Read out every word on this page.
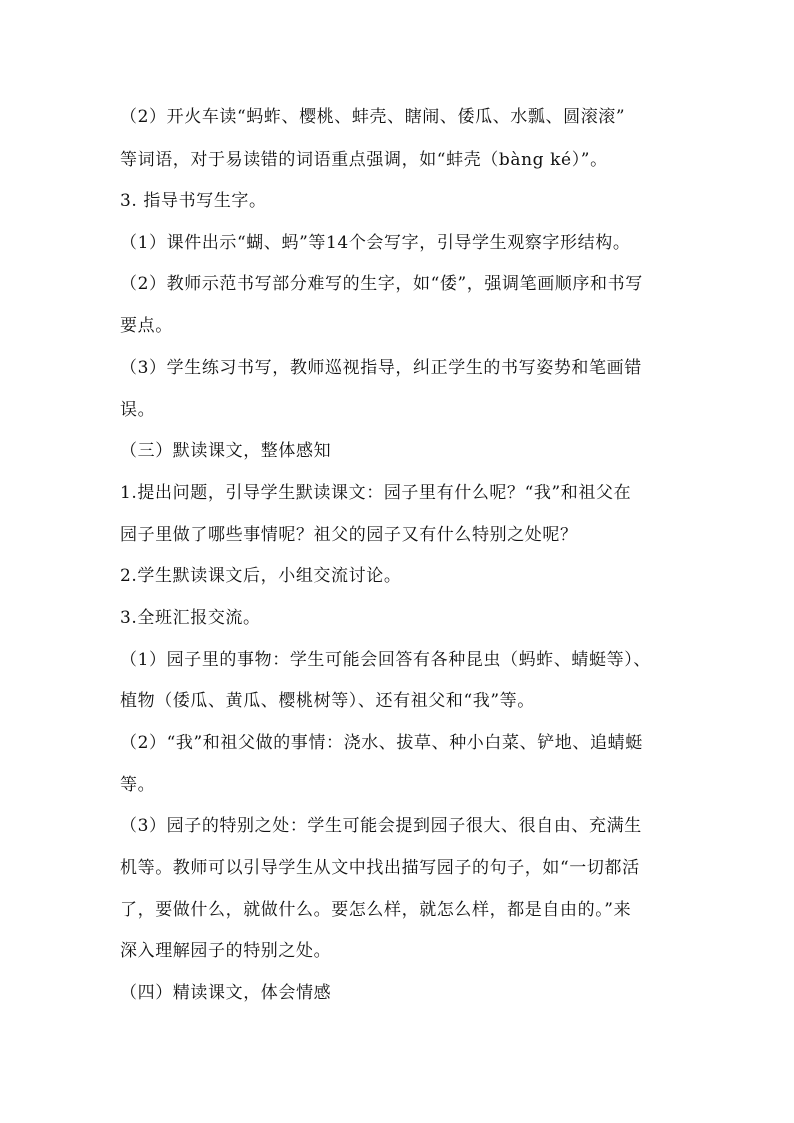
（2）开火车读“蚂蚱、樱桃、蚌壳、瞎闹、倭瓜、水瓢、圆滚滚”
等词语，对于易读错的词语重点强调，如“蚌壳（bàng ké）”。
3. 指导书写生字。
（1）课件出示“蝴、蚂”等14个会写字，引导学生观察字形结构。
（2）教师示范书写部分难写的生字，如“倭”，强调笔画顺序和书写
要点。
（3）学生练习书写，教师巡视指导，纠正学生的书写姿势和笔画错
误。
（三）默读课文，整体感知
1.提出问题，引导学生默读课文：园子里有什么呢？“我”和祖父在
园子里做了哪些事情呢？祖父的园子又有什么特别之处呢？
2.学生默读课文后，小组交流讨论。
3.全班汇报交流。
（1）园子里的事物：学生可能会回答有各种昆虫（蚂蚱、蜻蜓等）、
植物（倭瓜、黄瓜、樱桃树等）、还有祖父和“我”等。
（2）“我”和祖父做的事情：浇水、拔草、种小白菜、铲地、追蜻蜓
等。
（3）园子的特别之处：学生可能会提到园子很大、很自由、充满生
机等。教师可以引导学生从文中找出描写园子的句子，如“一切都活
了，要做什么，就做什么。要怎么样，就怎么样，都是自由的。”来
深入理解园子的特别之处。
（四）精读课文，体会情感
